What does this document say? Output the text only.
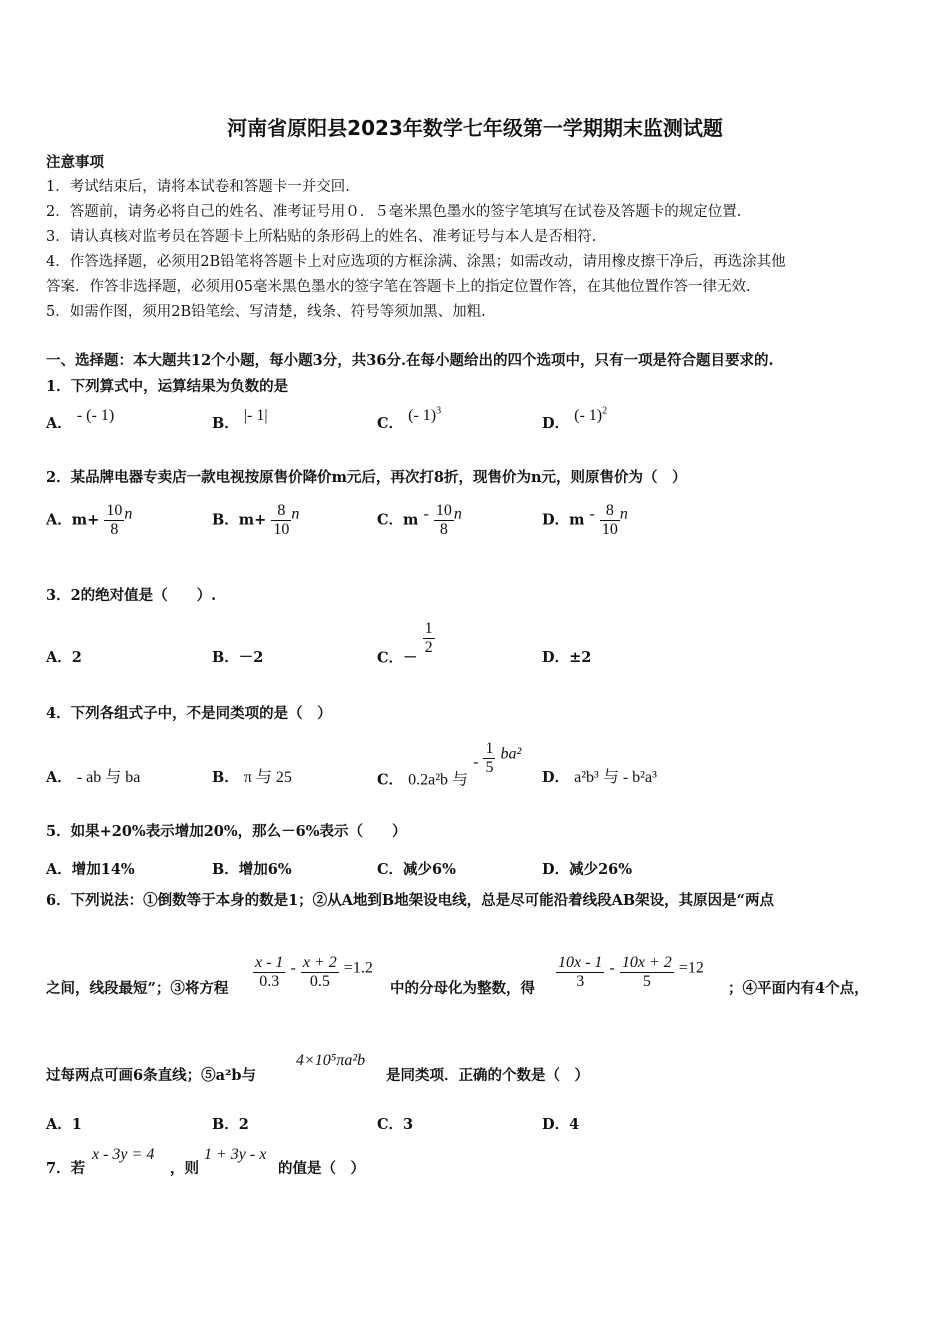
河南省原阳县2023年数学七年级第一学期期末监测试题
注意事项
1．考试结束后，请将本试卷和答题卡一并交回.
2．答题前，请务必将自己的姓名、准考证号用０．５毫米黑色墨水的签字笔填写在试卷及答题卡的规定位置.
3．请认真核对监考员在答题卡上所粘贴的条形码上的姓名、准考证号与本人是否相符.
4．作答选择题，必须用2B铅笔将答题卡上对应选项的方框涂满、涂黑；如需改动，请用橡皮擦干净后，再选涂其他
答案．作答非选择题，必须用05毫米黑色墨水的签字笔在答题卡上的指定位置作答，在其他位置作答一律无效.
5．如需作图，须用2B铅笔绘、写清楚，线条、符号等须加黑、加粗.
一、选择题：本大题共12个小题，每小题3分，共36分.在每小题给出的四个选项中，只有一项是符合题目要求的.
1．下列算式中，运算结果为负数的是
A． - (- 1)	B． |- 1|	C． (- 1)$^3$
D． (- 1)$^2$
2．某品牌电器专卖店一款电视按原售价降价m元后，再次打8折，现售价为n元，则原售价为（　）
A．$m+ \frac{10}{8}$ n	B．$m+ \frac{8}{10}$ n	C．m - $\frac{10}{8}$ n	D．m - $\frac{8}{10}$ n
3．2的绝对值是（　　）.
A．2	B．－2	C．－
$\frac{1}{2}$
D．±2
4．下列各组式子中，不是同类项的是（　）
A． - ab 与 ba	B． π 与 25	C． 0.2a²b 与 - $\frac{1}{5} ba^2$
D． a²b³ 与 - b²a³
5．如果+20%表示增加20%，那么－6%表示（　　）
A．增加14%	B．增加6%	C．减少6%	D．减少26%
6．下列说法：①倒数等于本身的数是1；②从A地到B地架设电线，总是尽可能沿着线段AB架设，其原因是“两点
之间，线段最短”；③将方程 $\frac{x - 1}{0.3} - \frac{x + 2}{0.5} =1.2$
中的分母化为整数，得 $\frac{10x - 1}{3} - \frac{10x + 2}{5} =12$
；④平面内有4个点，
过每两点可画6条直线；⑤a²b与
4×10⁵πa²b
是同类项．正确的个数是（　）
A．1	B．2	C．3	D．4
7．若
x - 3y = 4
，则
1 + 3y - x
的值是（　）
